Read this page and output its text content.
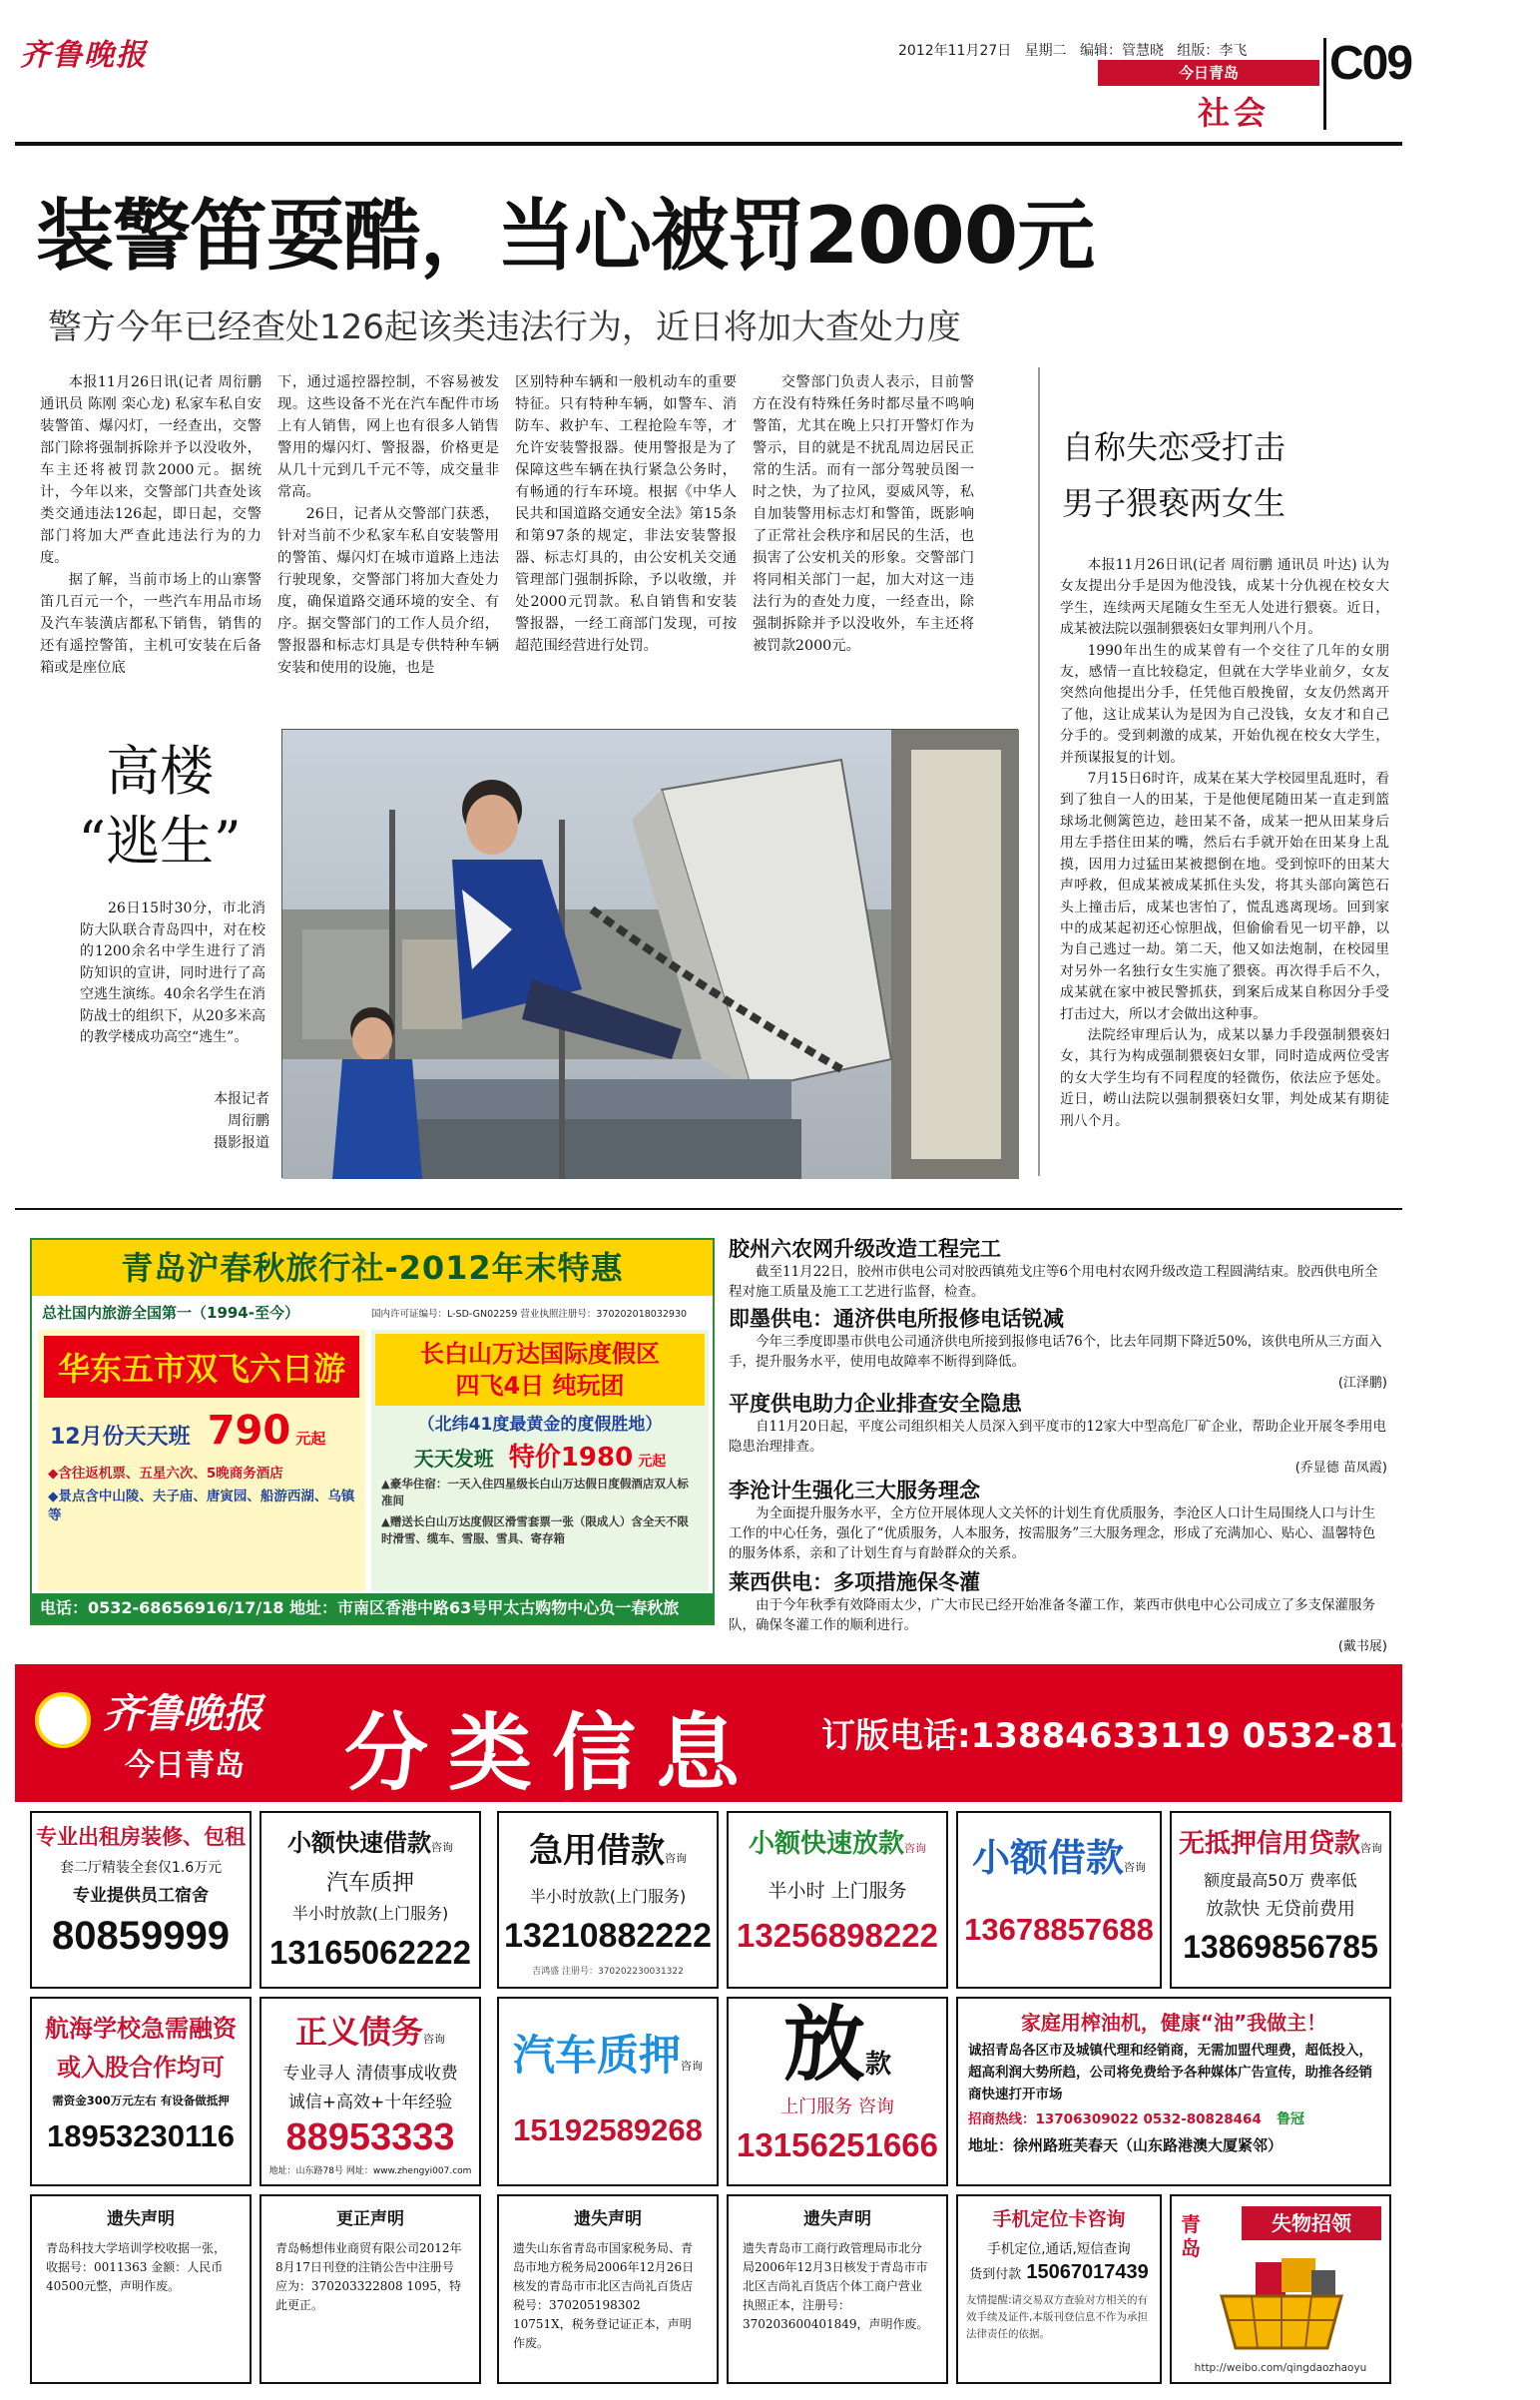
齐鲁晚报	2012年11月27日 星期二 编辑：管慧晓 组版：李飞
今日青岛
社会
C09
装警笛耍酷，当心被罚2000元
警方今年已经查处126起该类违法行为，近日将加大查处力度

本报11月26日讯(记者 周衍鹏 通讯员 陈刚 栾心龙) 私家车私自安装警笛、爆闪灯，一经查出，交警部门除将强制拆除并予以没收外，车主还将被罚款2000元。据统计，今年以来，交警部门共查处该类交通违法126起，即日起，交警部门将加大严查此违法行为的力度。

据了解，当前市场上的山寨警笛几百元一个，一些汽车用品市场及汽车装潢店都私下销售，销售的还有遥控警笛，主机可安装在后备箱或是座位底

下，通过遥控器控制，不容易被发现。这些设备不光在汽车配件市场上有人销售，网上也有很多人销售警用的爆闪灯、警报器，价格更是从几十元到几千元不等，成交量非常高。

26日，记者从交警部门获悉，针对当前不少私家车私自安装警用的警笛、爆闪灯在城市道路上违法行驶现象，交警部门将加大查处力度，确保道路交通环境的安全、有序。据交警部门的工作人员介绍，警报器和标志灯具是专供特种车辆安装和使用的设施，也是

区别特种车辆和一般机动车的重要特征。只有特种车辆，如警车、消防车、救护车、工程抢险车等，才允许安装警报器。使用警报是为了保障这些车辆在执行紧急公务时，有畅通的行车环境。根据《中华人民共和国道路交通安全法》第15条和第97条的规定，非法安装警报器、标志灯具的，由公安机关交通管理部门强制拆除，予以收缴，并处2000元罚款。私自销售和安装警报器，一经工商部门发现，可按超范围经营进行处罚。

交警部门负责人表示，目前警方在没有特殊任务时都尽量不鸣响警笛，尤其在晚上只打开警灯作为警示，目的就是不扰乱周边居民正常的生活。而有一部分驾驶员图一时之快，为了拉风，耍威风等，私自加装警用标志灯和警笛，既影响了正常社会秩序和居民的生活，也损害了公安机关的形象。交警部门将同相关部门一起，加大对这一违法行为的查处力度，一经查出，除强制拆除并予以没收外，车主还将被罚款2000元。

自称失恋受打击
男子猥亵两女生

本报11月26日讯(记者 周衍鹏 通讯员 叶达) 认为女友提出分手是因为他没钱，成某十分仇视在校女大学生，连续两天尾随女生至无人处进行猥亵。近日，成某被法院以强制猥亵妇女罪判刑八个月。

1990年出生的成某曾有一个交往了几年的女朋友，感情一直比较稳定，但就在大学毕业前夕，女友突然向他提出分手，任凭他百般挽留，女友仍然离开了他，这让成某认为是因为自己没钱，女友才和自己分手的。受到刺激的成某，开始仇视在校女大学生，并预谋报复的计划。

7月15日6时许，成某在某大学校园里乱逛时，看到了独自一人的田某，于是他便尾随田某一直走到篮球场北侧篱笆边，趁田某不备，成某一把从田某身后用左手搭住田某的嘴，然后右手就开始在田某身上乱摸，因用力过猛田某被摁倒在地。受到惊吓的田某大声呼救，但成某被成某抓住头发，将其头部向篱笆石头上撞击后，成某也害怕了，慌乱逃离现场。回到家中的成某起初还心惊胆战，但偷偷看见一切平静，以为自己逃过一劫。第二天，他又如法炮制，在校园里对另外一名独行女生实施了猥亵。再次得手后不久，成某就在家中被民警抓获，到案后成某自称因分手受打击过大，所以才会做出这种事。

法院经审理后认为，成某以暴力手段强制猥亵妇女，其行为构成强制猥亵妇女罪，同时造成两位受害的女大学生均有不同程度的轻微伤，依法应予惩处。近日，崂山法院以强制猥亵妇女罪，判处成某有期徒刑八个月。

高楼
“逃生”

26日15时30分，市北消防大队联合青岛四中，对在校的1200余名中学生进行了消防知识的宣讲，同时进行了高空逃生演练。40余名学生在消防战士的组织下，从20多米高的教学楼成功高空“逃生”。

本报记者
周衍鹏
摄影报道
青岛沪春秋旅行社-2012年末特惠
总社国内旅游全国第一（1994-至今）	国内许可证编号：L-SD-GN02259 营业执照注册号：370202018032930
华东五市双飞六日游
12月份天天班 790 元起
◆含往返机票、五星六次、5晚商务酒店
◆景点含中山陵、夫子庙、唐寅园、船游西湖、乌镇等
长白山万达国际度假区
四飞4日 纯玩团
（北纬41度最黄金的度假胜地）
天天发班 特价1980 元起
▲豪华住宿：一天入住四星级长白山万达假日度假酒店双人标准间
▲赠送长白山万达度假区滑雪套票一张（限成人）含全天不限时滑雪、缆车、雪服、雪具、寄存箱
电话：0532-68656916/17/18 地址：市南区香港中路63号甲太古购物中心负一春秋旅
胶州六农网升级改造工程完工
截至11月22日，胶州市供电公司对胶西镇苑戈庄等6个用电村农网升级改造工程圆满结束。胶西供电所全程对施工质量及施工工艺进行监督，检查。
即墨供电：通济供电所报修电话锐减
今年三季度即墨市供电公司通济供电所接到报修电话76个，比去年同期下降近50%，该供电所从三方面入手，提升服务水平，使用电故障率不断得到降低。
(江泽鹏)
平度供电助力企业排查安全隐患
自11月20日起，平度公司组织相关人员深入到平度市的12家大中型高危厂矿企业，帮助企业开展冬季用电隐患治理排查。
(乔显德 苗凤霞)
李沧计生强化三大服务理念
为全面提升服务水平，全方位开展体现人文关怀的计划生育优质服务，李沧区人口计生局围绕人口与计生工作的中心任务，强化了“优质服务，人本服务，按需服务”三大服务理念，形成了充满加心、贴心、温馨特色的服务体系，亲和了计划生育与育龄群众的关系。
莱西供电：多项措施保冬灌
由于今年秋季有效降雨太少，广大市民已经开始准备冬灌工作，莱西市供电中心公司成立了多支保灌服务队，确保冬灌工作的顺利进行。
(戴书展)
齐鲁晚报
今日青岛 分类信息 订版电话:13884633119 0532-81186679
专业出租房装修、包租
套二厅精装全套仅1.6万元
专业提供员工宿舍
80859999
小额快速借款咨询
汽车质押
半小时放款(上门服务)
13165062222
急用借款咨询
半小时放款(上门服务)
13210882222
吉鸿盛 注册号：370202230031322
小额快速放款咨询
半小时 上门服务
13256898222
小额借款咨询
13678857688
无抵押信用贷款咨询
额度最高50万 费率低
放款快 无贷前费用
13869856785
航海学校急需融资
或入股合作均可
需资金300万元左右 有设备做抵押
18953230116
正义债务咨询
专业寻人 清债事成收费
诚信+高效+十年经验
88953333
地址：山东路78号 网址：www.zhengyi007.com
汽车质押咨询
15192589268
放款
上门服务 咨询
13156251666
家庭用榨油机，健康“油”我做主！
诚招青岛各区市及城镇代理和经销商，无需加盟代理费，超低投入，超高利润大势所趋，公司将免费给予各种媒体广告宣传，助推各经销商快速打开市场
招商热线：13706309022 0532-80828464 鲁冠
地址：徐州路班芙春天（山东路港澳大厦紧邻）
遗失声明
青岛科技大学培训学校收据一张，收据号：0011363 金额：人民币40500元整，声明作废。
更正声明
青岛畅想伟业商贸有限公司2012年8月17日刊登的注销公告中注册号应为：370203322808 1095，特此更正。
遗失声明
遗失山东省青岛市国家税务局、青岛市地方税务局2006年12月26日核发的青岛市市北区吉尚礼百货店税号：370205198302 10751X，税务登记证正本，声明作废。
遗失声明
遗失青岛市工商行政管理局市北分局2006年12月3日核发于青岛市市北区吉尚礼百货店个体工商户营业执照正本，注册号：370203600401849，声明作废。
手机定位卡咨询
手机定位,通话,短信查询
货到付款 15067017439
友情提醒:请交易双方查验对方相关的有效手续及证件,本版刊登信息不作为承担法律责任的依据。
青岛
失物招领
http://weibo.com/qingdaozhaoyu
